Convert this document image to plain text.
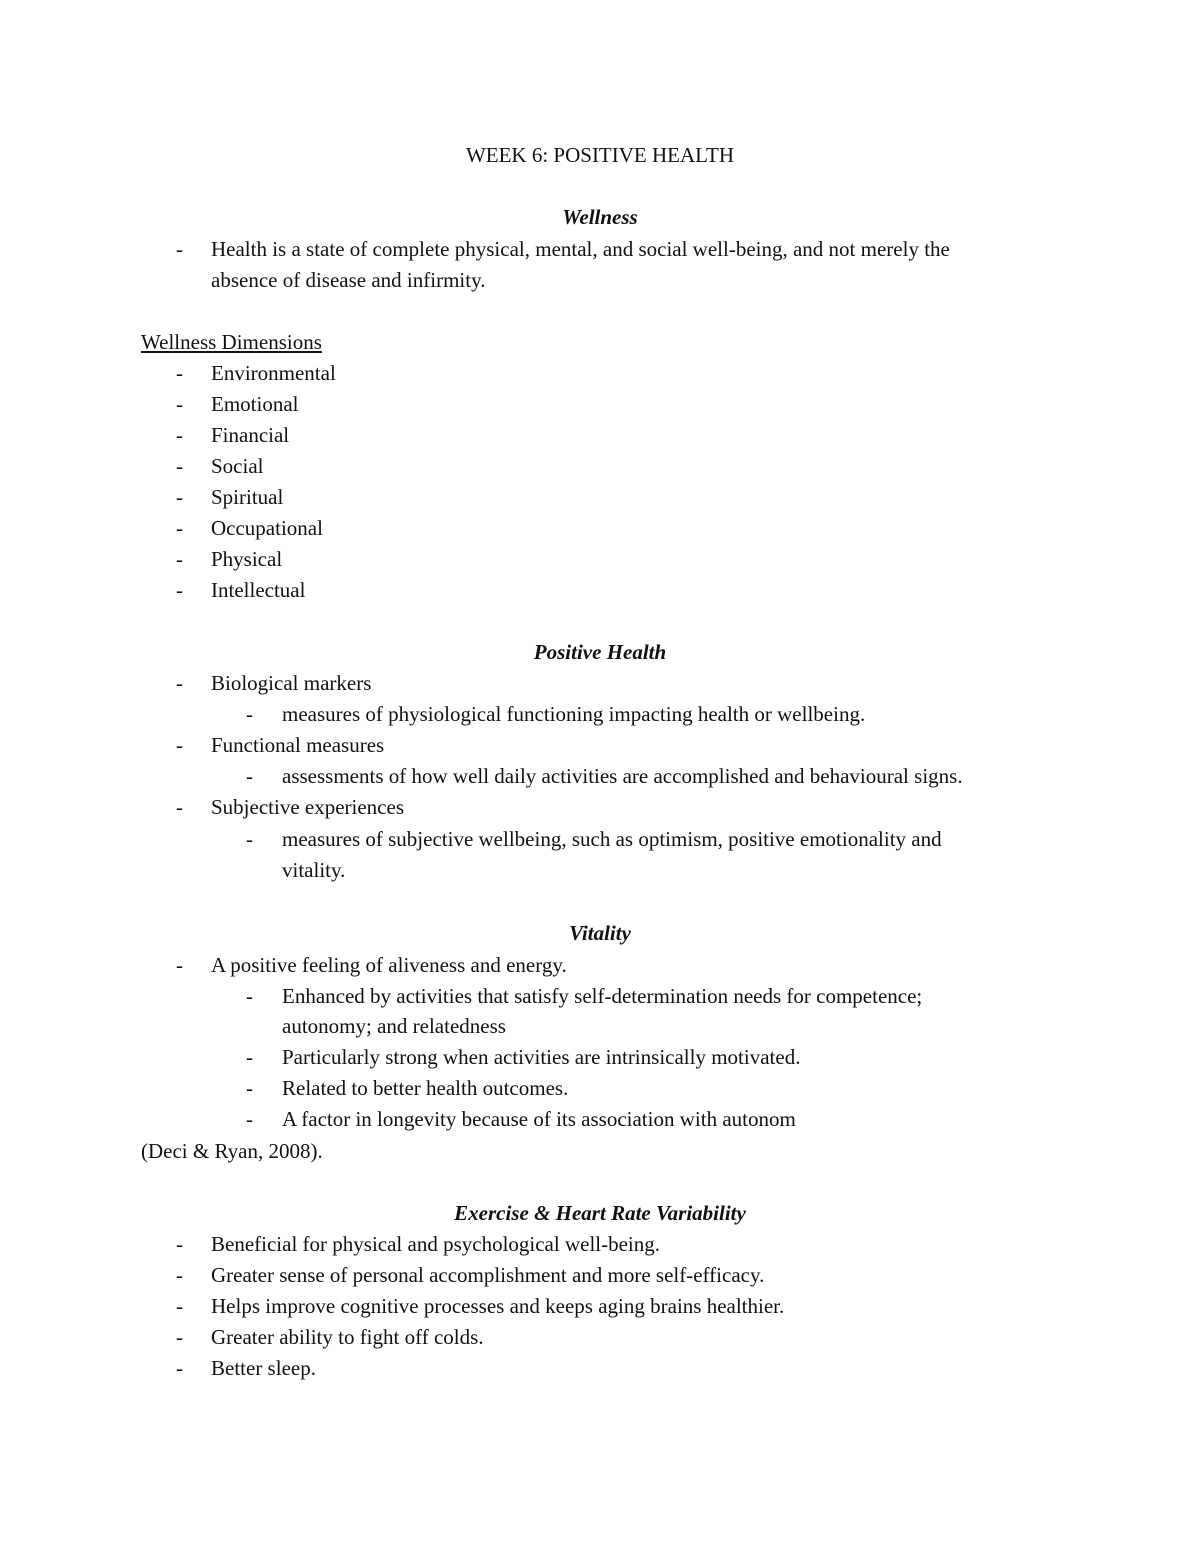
WEEK 6: POSITIVE HEALTH
Wellness
- Health is a state of complete physical, mental, and social well-being, and not merely the
absence of disease and infirmity.
Wellness Dimensions
- Environmental
- Emotional
- Financial
- Social
- Spiritual
- Occupational
- Physical
- Intellectual
Positive Health
- Biological markers
- measures of physiological functioning impacting health or wellbeing.
- Functional measures
- assessments of how well daily activities are accomplished and behavioural signs.
- Subjective experiences
- measures of subjective wellbeing, such as optimism, positive emotionality and
vitality.
Vitality
- A positive feeling of aliveness and energy.
- Enhanced by activities that satisfy self-determination needs for competence;
autonomy; and relatedness
- Particularly strong when activities are intrinsically motivated.
- Related to better health outcomes.
- A factor in longevity because of its association with autonom
(Deci & Ryan, 2008).
Exercise & Heart Rate Variability
- Beneficial for physical and psychological well-being.
- Greater sense of personal accomplishment and more self-efficacy.
- Helps improve cognitive processes and keeps aging brains healthier.
- Greater ability to fight off colds.
- Better sleep.
